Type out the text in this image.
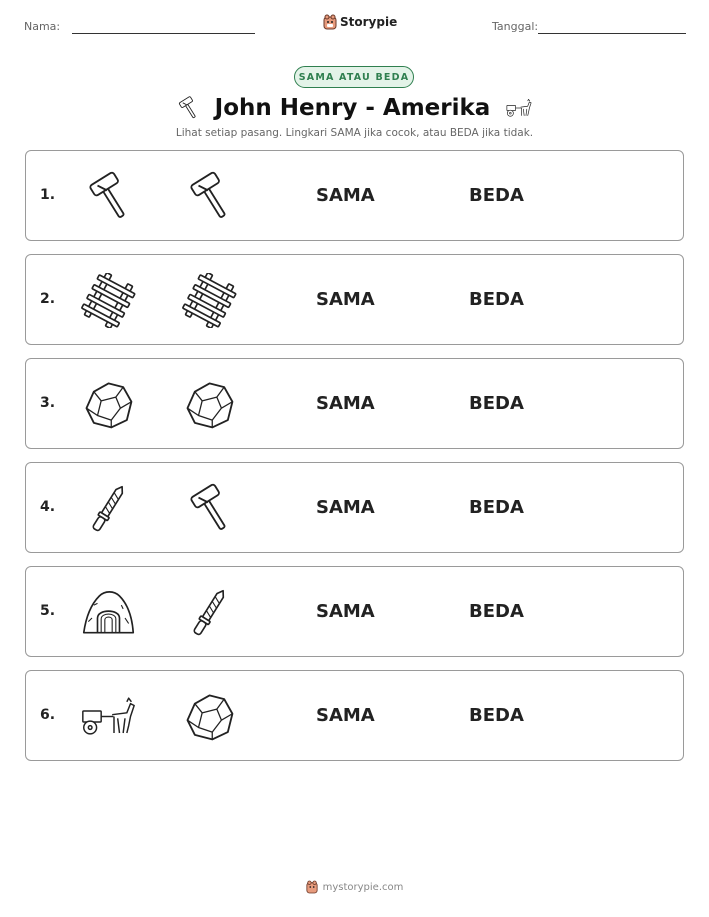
Nama:	Storypie	Tanggal:
SAMA ATAU BEDA
John Henry - Amerika
Lihat setiap pasang. Lingkari SAMA jika cocok, atau BEDA jika tidak.
1.	SAMA	BEDA
2.	SAMA	BEDA
3.	SAMA	BEDA
4.	SAMA	BEDA
5.	SAMA	BEDA
6.	SAMA	BEDA
mystorypie.com
